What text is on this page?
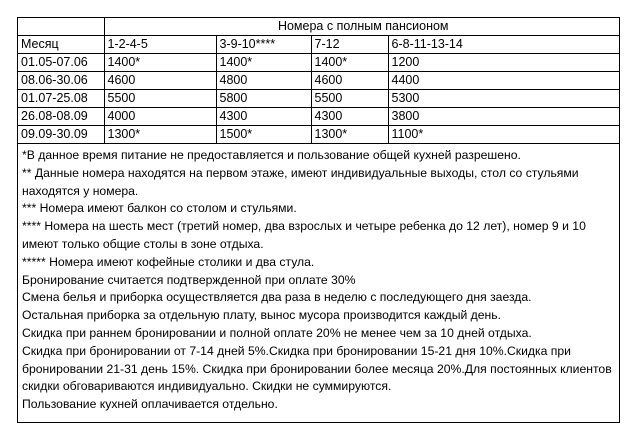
	Номера с полным пансионом			
Месяц	1-2-4-5	3-9-10****	7-12	6-8-11-13-14
01.05-07.06	1400*	1400*	1400*	1200
08.06-30.06	4600	4800	4600	4400
01.07-25.08	5500	5800	5500	5300
26.08-08.09	4000	4300	4300	3800
09.09-30.09	1300*	1500*	1300*	1100*

*В данное время питание не предоставляется и пользование общей кухней разрешено.

** Данные номера находятся на первом этаже, имеют индивидуальные выходы, стол со стульями находятся у номера.

*** Номера имеют балкон со столом и стульями.

**** Номера на шесть мест (третий номер, два взрослых и четыре ребенка до 12 лет), номер 9 и 10 имеют только общие столы в зоне отдыха.

***** Номера имеют кофейные столики и два стула.

Бронирование считается подтвержденной при оплате 30%

Смена белья и приборка осуществляется два раза в неделю с последующего дня заезда.

Остальная приборка за отдельную плату, вынос мусора производится каждый день.

Скидка при раннем бронировании и полной оплате 20% не менее чем за 10 дней отдыха.

Скидка при бронировании от 7-14 дней 5%.Скидка при бронировании 15-21 дня 10%.Скидка при бронировании 21-31 день 15%. Скидка при бронировании более месяца 20%.Для постоянных клиентов скидки обговариваются индивидуально. Скидки не суммируются.

Пользование кухней оплачивается отдельно.
